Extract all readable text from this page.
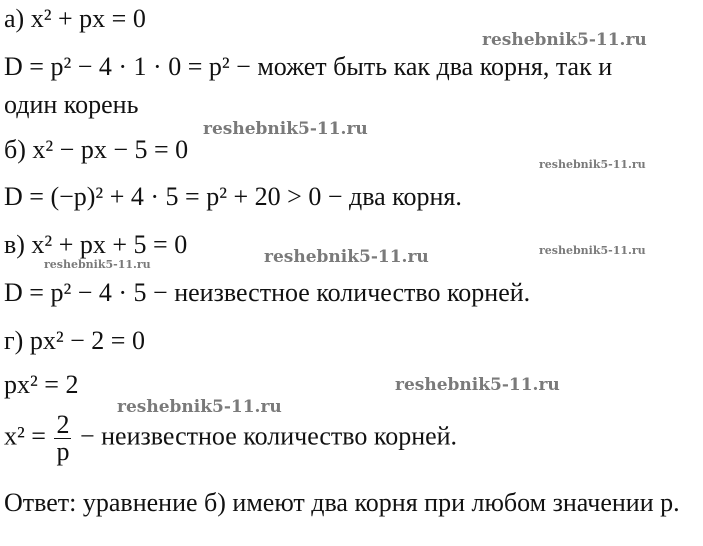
а) x² + px = 0
D = p² − 4 · 1 · 0 = p² − может быть как два корня, так и
один корень
б) x² − px − 5 = 0
D = (−p)² + 4 · 5 = p² + 20 > 0 − два корня.
в) x² + px + 5 = 0
D = p² − 4 · 5 − неизвестное количество корней.
г) px² − 2 = 0
px² = 2
$x^2 = \frac{2}{p}$ − неизвестное количество корней.
Ответ: уравнение б) имеют два корня при любом значении p.
reshebnik5-11.ru
reshebnik5-11.ru
reshebnik5-11.ru
reshebnik5-11.ru	reshebnik5-11.ru
reshebnik5-11.ru
reshebnik5-11.ru
reshebnik5-11.ru
